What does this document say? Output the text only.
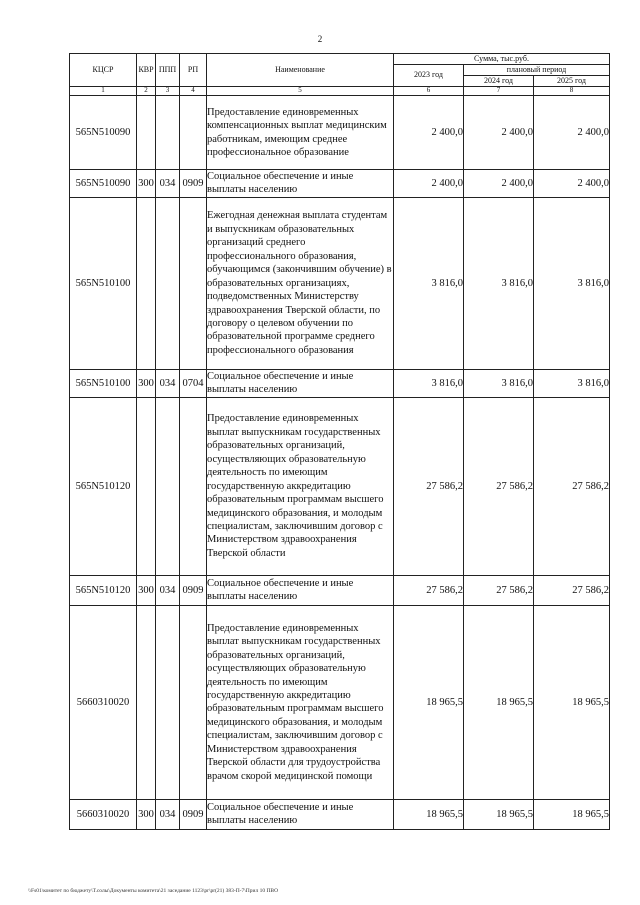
2
КЦСР	КВР	ППП	РП	Наименование	Сумма, тыс.руб.		
					2023 год	плановый период	
						2024 год	2025 год
1	2	3	4	5	6	7	8
565N510090				Предоставление единовременных компенсационных выплат медицинским работникам, имеющим среднее профессиональное образование	2 400,0	2 400,0	2 400,0
565N510090	300	034	0909	Социальное обеспечение и иные выплаты населению	2 400,0	2 400,0	2 400,0
565N510100				Ежегодная денежная выплата студентам и выпускникам образовательных организаций среднего профессионального образования, обучающимся (закончившим обучение) в образовательных организациях, подведомственных Министерству здравоохранения Тверской области, по договору о целевом обучении по образовательной программе среднего профессионального образования	3 816,0	3 816,0	3 816,0
565N510100	300	034	0704	Социальное обеспечение и иные выплаты населению	3 816,0	3 816,0	3 816,0
565N510120				Предоставление единовременных выплат выпускникам государственных образовательных организаций, осуществляющих образовательную деятельность по имеющим государственную аккредитацию образовательным программам высшего медицинского образования, и молодым специалистам, заключившим договор с Министерством здравоохранения Тверской области	27 586,2	27 586,2	27 586,2
565N510120	300	034	0909	Социальное обеспечение и иные выплаты населению	27 586,2	27 586,2	27 586,2
5660310020				Предоставление единовременных выплат выпускникам государственных образовательных организаций, осуществляющих образовательную деятельность по имеющим государственную аккредитацию образовательным программам высшего медицинского образования, и молодым специалистам, заключившим договор с Министерством здравоохранения Тверской области для трудоустройства врачом скорой медицинской помощи	18 965,5	18 965,5	18 965,5
5660310020	300	034	0909	Социальное обеспечение и иные выплаты населению	18 965,5	18 965,5	18 965,5
\\Fs01\комитет по бюджету\Т.солы\Документы комитета\21 заседание 1123\pr\pr(21) 383-П-7\Прил 10 ПВО
